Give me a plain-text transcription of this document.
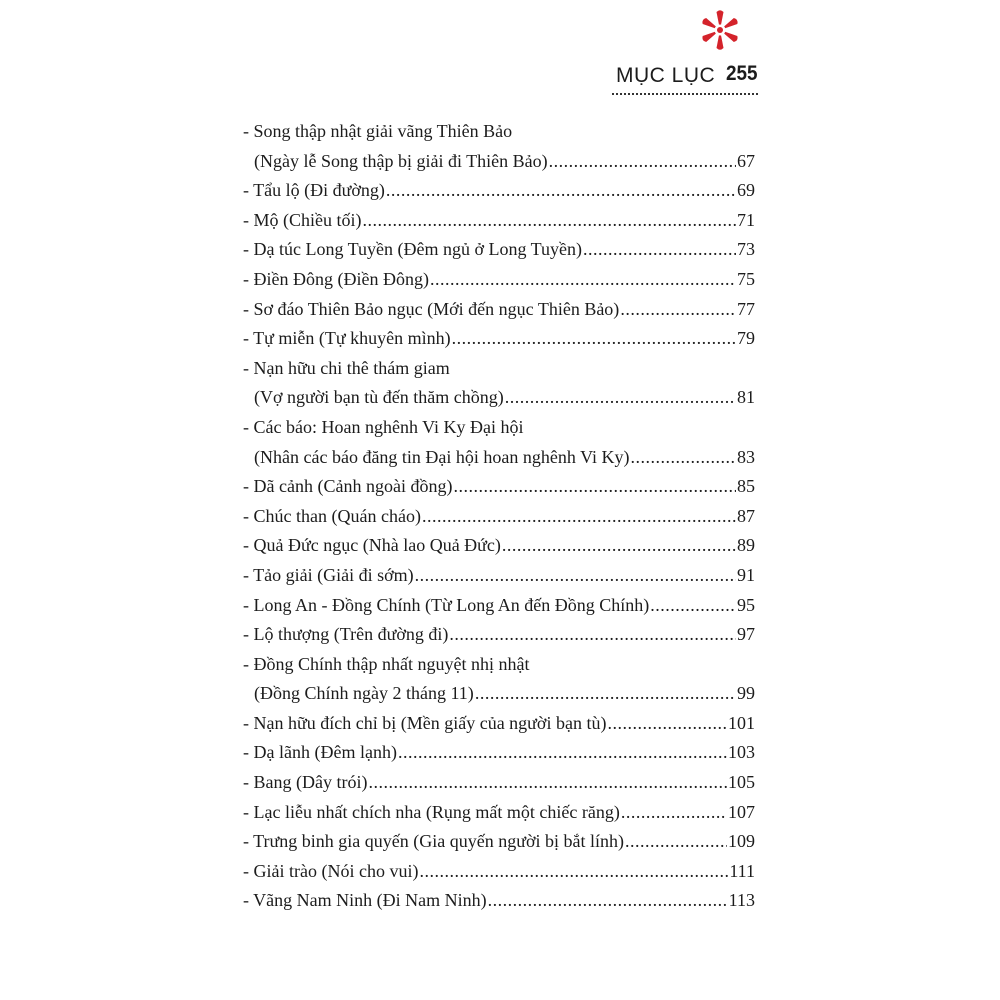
MỤC LỤC 255
- Song thập nhật giải vãng Thiên Bảo
(Ngày lễ Song thập bị giải đi Thiên Bảo) .....	67
- Tẩu lộ (Đi đường) .....	69
- Mộ (Chiều tối) .....	71
- Dạ túc Long Tuyền (Đêm ngủ ở Long Tuyền) .....	73
- Điền Đông (Điền Đông) .....	75
- Sơ đáo Thiên Bảo ngục (Mới đến ngục Thiên Bảo) .....	77
- Tự miễn (Tự khuyên mình) .....	79
- Nạn hữu chi thê thám giam
(Vợ người bạn tù đến thăm chồng) .....	81
- Các báo: Hoan nghênh Vi Ky Đại hội
(Nhân các báo đăng tin Đại hội hoan nghênh Vi Ky) .....	83
- Dã cảnh (Cảnh ngoài đồng) .....	85
- Chúc than (Quán cháo) .....	87
- Quả Đức ngục (Nhà lao Quả Đức) .....	89
- Tảo giải (Giải đi sớm) .....	91
- Long An - Đồng Chính (Từ Long An đến Đồng Chính) .....	95
- Lộ thượng (Trên đường đi) .....	97
- Đồng Chính thập nhất nguyệt nhị nhật
(Đồng Chính ngày 2 tháng 11) .....	99
- Nạn hữu đích chỉ bị (Mền giấy của người bạn tù) .....	101
- Dạ lãnh (Đêm lạnh) .....	103
- Bang (Dây trói) .....	105
- Lạc liễu nhất chích nha (Rụng mất một chiếc răng) .....	107
- Trưng binh gia quyến (Gia quyến người bị bắt lính) .....	109
- Giải trào (Nói cho vui) .....	111
- Vãng Nam Ninh (Đi Nam Ninh) .....	113
